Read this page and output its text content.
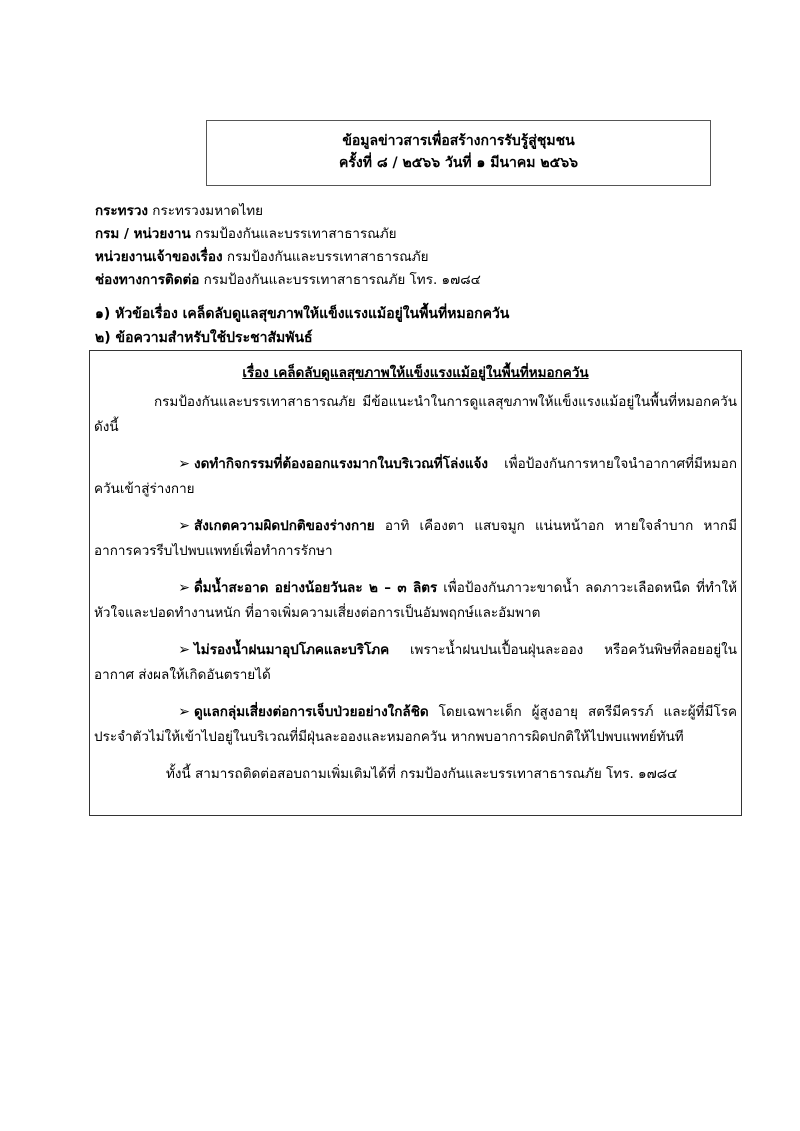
ข้อมูลข่าวสารเพื่อสร้างการรับรู้สู่ชุมชน
ครั้งที่ ๘ / ๒๕๖๖ วันที่ ๑ มีนาคม ๒๕๖๖
กระทรวง กระทรวงมหาดไทย
กรม / หน่วยงาน กรมป้องกันและบรรเทาสาธารณภัย
หน่วยงานเจ้าของเรื่อง กรมป้องกันและบรรเทาสาธารณภัย
ช่องทางการติดต่อ กรมป้องกันและบรรเทาสาธารณภัย โทร. ๑๗๘๔
๑) หัวข้อเรื่อง เคล็ดลับดูแลสุขภาพให้แข็งแรงแม้อยู่ในพื้นที่หมอกควัน
๒) ข้อความสำหรับใช้ประชาสัมพันธ์
เรื่อง เคล็ดลับดูแลสุขภาพให้แข็งแรงแม้อยู่ในพื้นที่หมอกควัน

กรมป้องกันและบรรเทาสาธารณภัย มีข้อแนะนำในการดูแลสุขภาพให้แข็งแรงแม้อยู่ในพื้นที่หมอกควัน ดังนี้

➢ งดทำกิจกรรมที่ต้องออกแรงมากในบริเวณที่โล่งแจ้ง เพื่อป้องกันการหายใจนำอากาศที่มีหมอกควันเข้าสู่ร่างกาย

➢ สังเกตความผิดปกติของร่างกาย อาทิ เคืองตา แสบจมูก แน่นหน้าอก หายใจลำบาก หากมีอาการควรรีบไปพบแพทย์เพื่อทำการรักษา

➢ ดื่มน้ำสะอาด อย่างน้อยวันละ ๒ – ๓ ลิตร เพื่อป้องกันภาวะขาดน้ำ ลดภาวะเลือดหนืด ที่ทำให้หัวใจและปอดทำงานหนัก ที่อาจเพิ่มความเสี่ยงต่อการเป็นอัมพฤกษ์และอัมพาต

➢ ไม่รองน้ำฝนมาอุปโภคและบริโภค เพราะน้ำฝนปนเปื้อนฝุ่นละออง หรือควันพิษที่ลอยอยู่ในอากาศ ส่งผลให้เกิดอันตรายได้

➢ ดูแลกลุ่มเสี่ยงต่อการเจ็บป่วยอย่างใกล้ชิด โดยเฉพาะเด็ก ผู้สูงอายุ สตรีมีครรภ์ และผู้ที่มีโรคประจำตัวไม่ให้เข้าไปอยู่ในบริเวณที่มีฝุ่นละอองและหมอกควัน หากพบอาการผิดปกติให้ไปพบแพทย์ทันที

ทั้งนี้ สามารถติดต่อสอบถามเพิ่มเติมได้ที่ กรมป้องกันและบรรเทาสาธารณภัย โทร. ๑๗๘๔
